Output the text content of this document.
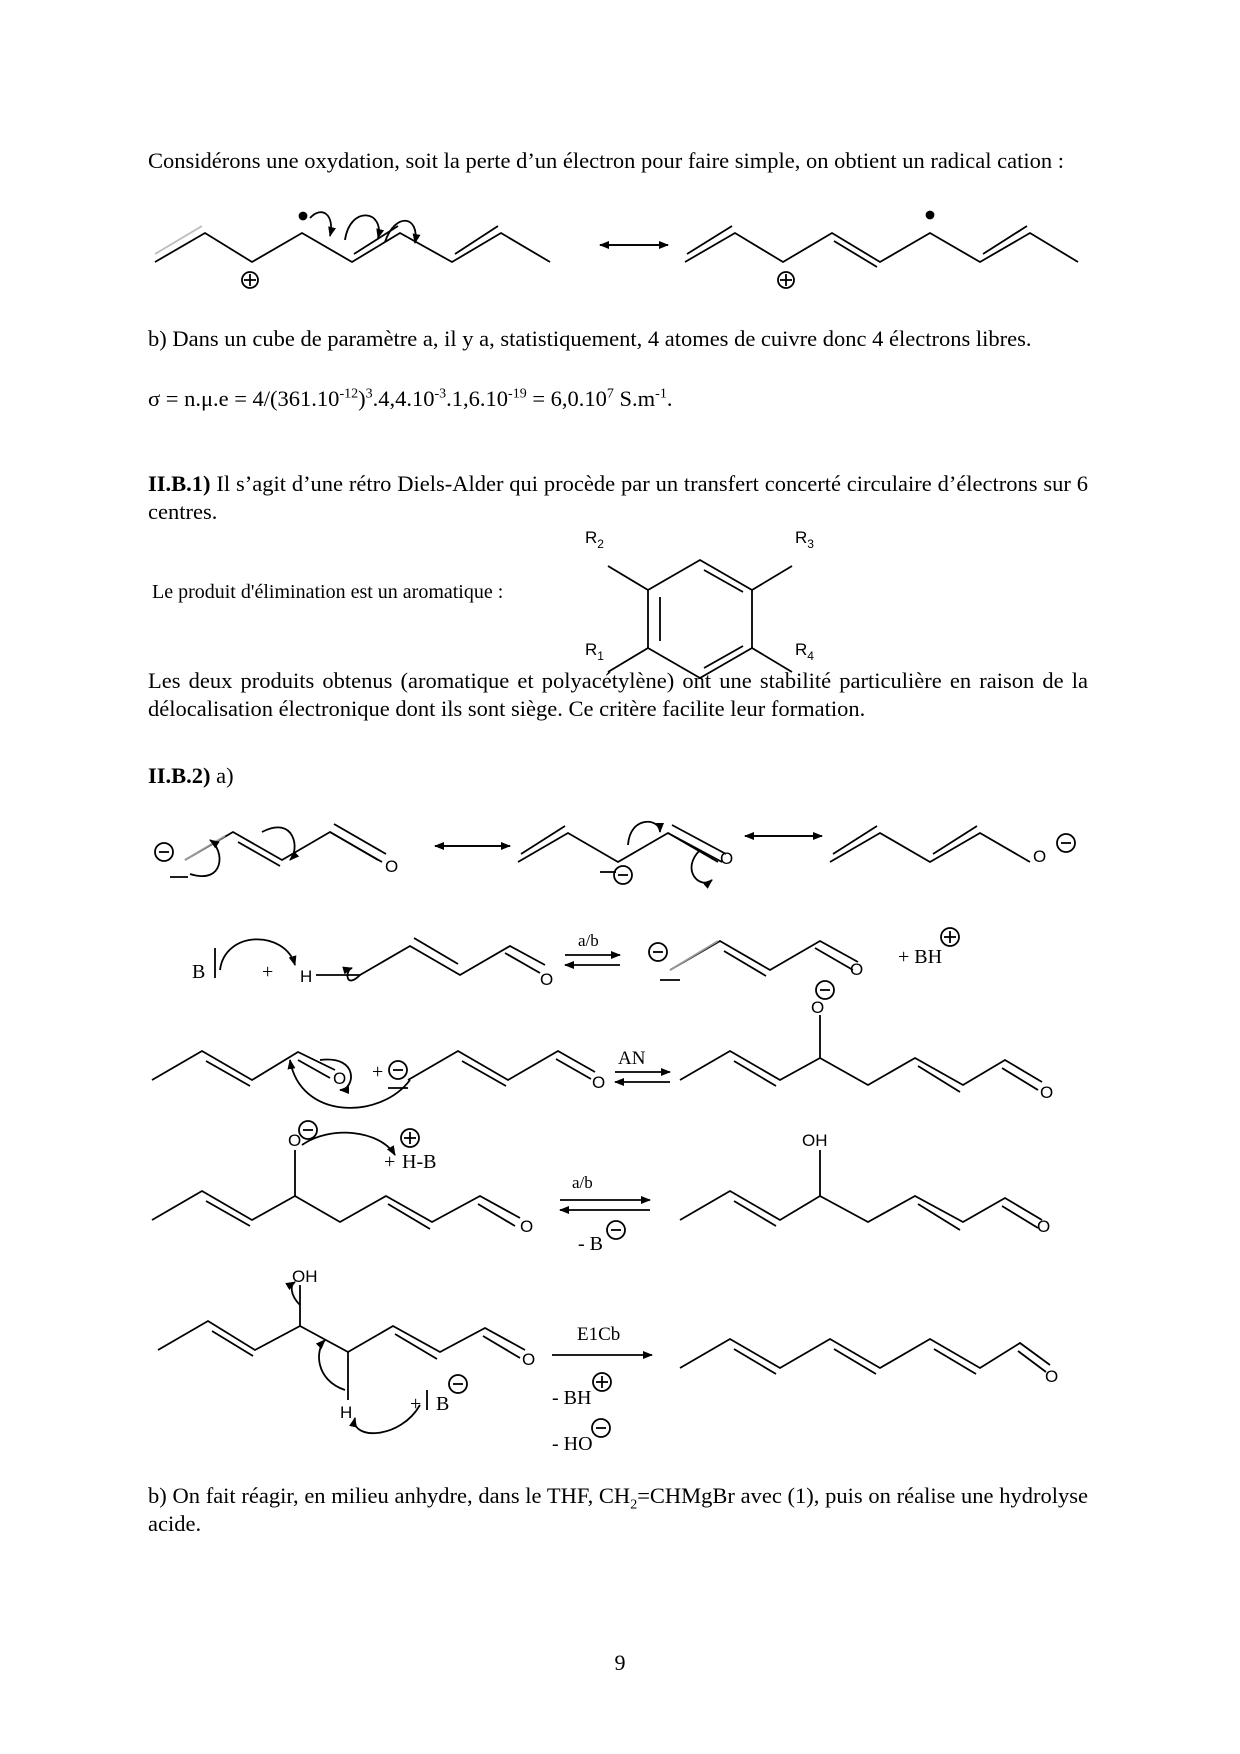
Considérons une oxydation, soit la perte d’un électron pour faire simple, on obtient un radical cation :
b) Dans un cube de paramètre a, il y a, statistiquement, 4 atomes de cuivre donc 4 électrons libres.
$\sigma = n.\mu.e = 4/(361.10^{-12})^3.4,4.10^{-3}.1,6.10^{-19} = 6,0.10^7$ $S.m^{-1}$.
II.B.1) Il s’agit d’une rétro Diels-Alder qui procède par un transfert concerté circulaire d’électrons sur 6 centres.
Le produit d'élimination est un aromatique :
Les deux produits obtenus (aromatique et polyacétylène) ont une stabilité particulière en raison de la délocalisation électronique dont ils sont siège. Ce critère facilite leur formation.
II.B.2) a)
b) On fait réagir, en milieu anhydre, dans le THF, $CH_2=CHMgBr$ avec (1), puis on réalise une hydrolyse acide.
9
$R_2$	$R_3$
$R_1$	$R_4$
O	O	O
B	+ H	O
a/b
O
+ BH
O +	O
AN
O
O
O
+ H-B
O
a/b
- B
OH
O
OH
H	+ B
O
E1Cb
- BH
- HO
O
